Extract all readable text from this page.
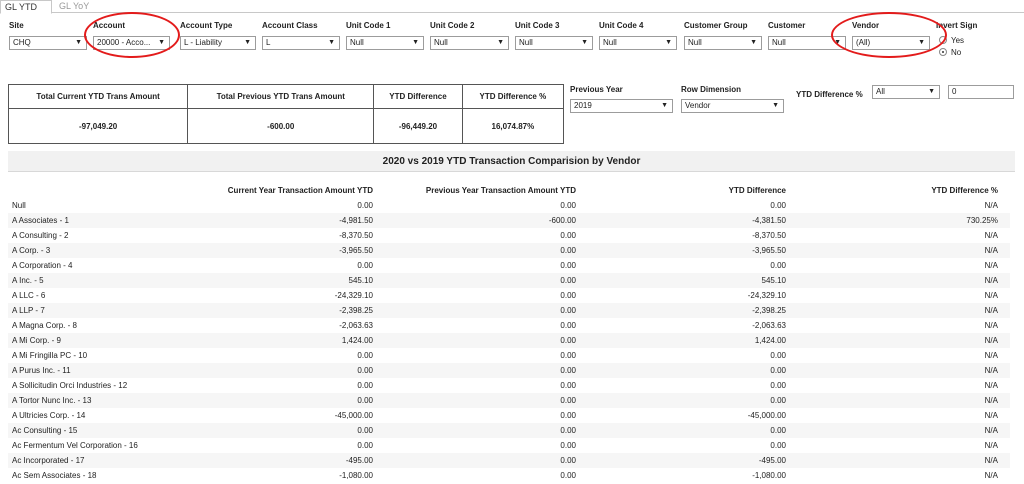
GL YTD	GL YoY
Site
CHQ	▼
Account
20000 - Acco... ▼
Account Type
L - Liability	▼
Account Class
L	▼
Unit Code 1
Null	▼
Unit Code 2
Null	▼
Unit Code 3
Null	▼
Unit Code 4
Null	▼
Customer Group
Null	▼
Customer
Null	▼
Vendor
(All)	▼
Invert Sign
Yes
No
Total Current YTD Trans Amount	Total Previous YTD Trans Amount	YTD Difference	YTD Difference %
-97,049.20	-600.00	-96,449.20	16,074.87%
Previous Year
2019	▼
Row Dimension
Vendor	▼
YTD Difference %	All	▼	0
2020 vs 2019 YTD Transaction Comparision by Vendor
Current Year Transaction Amount YTD	Previous Year Transaction Amount YTD	YTD Difference	YTD Difference %
Null	0.00	0.00	0.00	N/A
A Associates - 1	-4,981.50	-600.00	-4,381.50	730.25%
A Consulting - 2	-8,370.50	0.00	-8,370.50	N/A
A Corp. - 3	-3,965.50	0.00	-3,965.50	N/A
A Corporation - 4	0.00	0.00	0.00	N/A
A Inc. - 5	545.10	0.00	545.10	N/A
A LLC - 6	-24,329.10	0.00	-24,329.10	N/A
A LLP - 7	-2,398.25	0.00	-2,398.25	N/A
A Magna Corp. - 8	-2,063.63	0.00	-2,063.63	N/A
A Mi Corp. - 9	1,424.00	0.00	1,424.00	N/A
A Mi Fringilla PC - 10	0.00	0.00	0.00	N/A
A Purus Inc. - 11	0.00	0.00	0.00	N/A
A Sollicitudin Orci Industries - 12	0.00	0.00	0.00	N/A
A Tortor Nunc Inc. - 13	0.00	0.00	0.00	N/A
A Ultricies Corp. - 14	-45,000.00	0.00	-45,000.00	N/A
Ac Consulting - 15	0.00	0.00	0.00	N/A
Ac Fermentum Vel Corporation - 16	0.00	0.00	0.00	N/A
Ac Incorporated - 17	-495.00	0.00	-495.00	N/A
Ac Sem Associates - 18	-1,080.00	0.00	-1,080.00	N/A
